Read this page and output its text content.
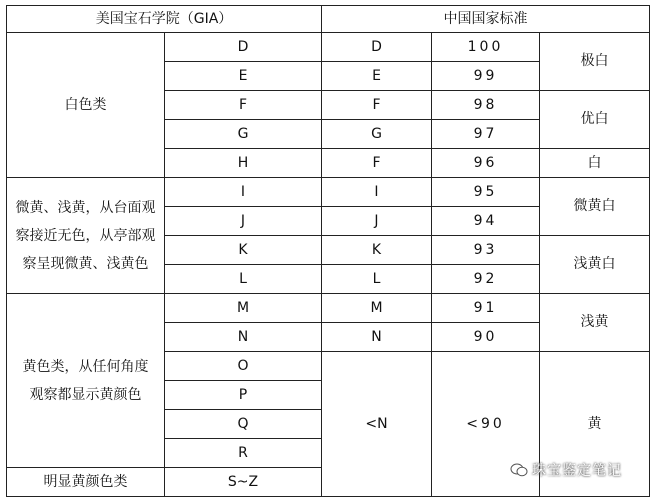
美国宝石学院（GIA）		中国国家标准		
白色类	D	D	100	极白
	E	E	99	
	F	F	98	优白
	G	G	97	
	H	F	96	白

微黄、浅黄，从台面观
察接近无色，从亭部观
察呈现微黄、浅黄色	I	I	95	微黄白
	J	J	94	
	K	K	93	浅黄白
	L	L	92	

黄色类，从任何角度
观察都显示黄颜色	M	M	91	浅黄
	N	N	90	
	O	<N	<90	黄
	P			
	Q			
	R			
明显黄颜色类	S~Z			
珠宝鉴定笔记
